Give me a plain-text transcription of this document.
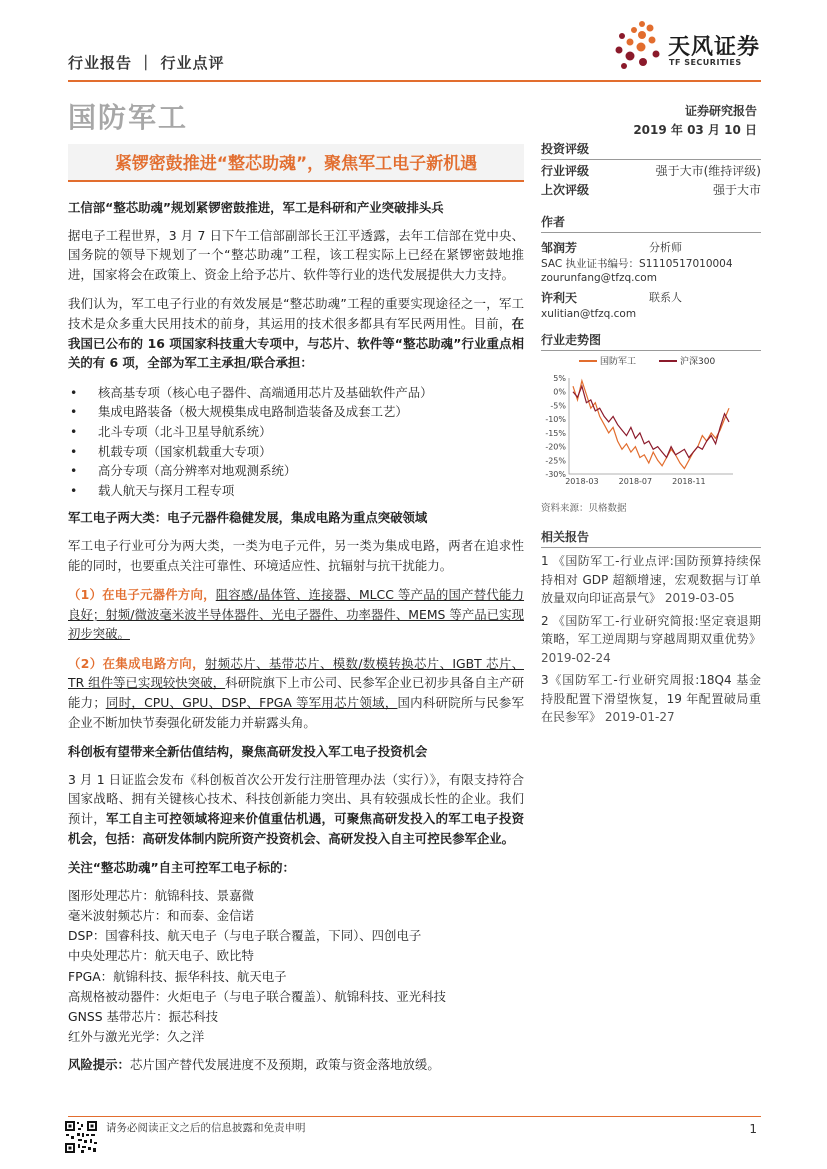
行业报告 ｜ 行业点评
天风证券
TF SECURITIES
国防军工	证券研究报告
2019 年 03 月 10 日
紧锣密鼓推进“整芯助魂”，聚焦军工电子新机遇

工信部“整芯助魂”规划紧锣密鼓推进，军工是科研和产业突破排头兵

据电子工程世界，3 月 7 日下午工信部副部长王江平透露，去年工信部在党中央、国务院的领导下规划了一个“整芯助魂”工程，该工程实际上已经在紧锣密鼓地推进，国家将会在政策上、资金上给予芯片、软件等行业的迭代发展提供大力支持。

我们认为，军工电子行业的有效发展是“整芯助魂”工程的重要实现途径之一，军工技术是众多重大民用技术的前身，其运用的技术很多都具有军民两用性。目前，在我国已公布的 16 项国家科技重大专项中，与芯片、软件等“整芯助魂”行业重点相关的有 6 项，全部为军工主承担/联合承担：

• 核高基专项（核心电子器件、高端通用芯片及基础软件产品）
• 集成电路装备（极大规模集成电路制造装备及成套工艺）
• 北斗专项（北斗卫星导航系统）
• 机载专项（国家机载重大专项）
• 高分专项（高分辨率对地观测系统）
• 载人航天与探月工程专项

军工电子两大类：电子元器件稳健发展，集成电路为重点突破领域

军工电子行业可分为两大类，一类为电子元件，另一类为集成电路，两者在追求性能的同时，也要重点关注可靠性、环境适应性、抗辐射与抗干扰能力。

（1）在电子元器件方向，阻容感/晶体管、连接器、MLCC 等产品的国产替代能力良好；射频/微波毫米波半导体器件、光电子器件、功率器件、MEMS 等产品已实现初步突破。

（2）在集成电路方向，射频芯片、基带芯片、模数/数模转换芯片、IGBT 芯片、TR 组件等已实现较快突破，科研院旗下上市公司、民参军企业已初步具备自主产研能力；同时，CPU、GPU、DSP、FPGA 等军用芯片领域，国内科研院所与民参军企业不断加快节奏强化研发能力并崭露头角。

科创板有望带来全新估值结构，聚焦高研发投入军工电子投资机会

3 月 1 日证监会发布《科创板首次公开发行注册管理办法（实行）》，有限支持符合国家战略、拥有关键核心技术、科技创新能力突出、具有较强成长性的企业。我们预计，军工自主可控领域将迎来价值重估机遇，可聚焦高研发投入的军工电子投资机会，包括：高研发体制内院所资产投资机会、高研发投入自主可控民参军企业。

关注“整芯助魂”自主可控军工电子标的：

图形处理芯片：航锦科技、景嘉微
毫米波射频芯片：和而泰、金信诺
DSP：国睿科技、航天电子（与电子联合覆盖，下同）、四创电子
中央处理芯片：航天电子、欧比特
FPGA：航锦科技、振华科技、航天电子
高规格被动器件：火炬电子（与电子联合覆盖）、航锦科技、亚光科技
GNSS 基带芯片：振芯科技
红外与激光光学：久之洋

风险提示：芯片国产替代发展进度不及预期，政策与资金落地放缓。

投资评级
行业评级	强于大市(维持评级)
上次评级	强于大市
作者
邹润芳	分析师
SAC 执业证书编号：S1110517010004
zourunfang@tfzq.com
许利天	联系人
xulitian@tfzq.com
行业走势图
国防军工	沪深300
5%
0%
-5%
-10%
-15%
-20%
-25%
-30%
2018-03	2018-07	2018-11
资料来源：贝格数据
相关报告

1 《国防军工-行业点评:国防预算持续保持相对 GDP 超额增速，宏观数据与订单放量双向印证高景气》 2019-03-05

2 《国防军工-行业研究简报:坚定衰退期策略，军工逆周期与穿越周期双重优势》 2019-02-24

3《国防军工-行业研究周报:18Q4 基金持股配置下滑望恢复，19 年配置破局重在民参军》 2019-01-27

请务必阅读正文之后的信息披露和免责申明	1
